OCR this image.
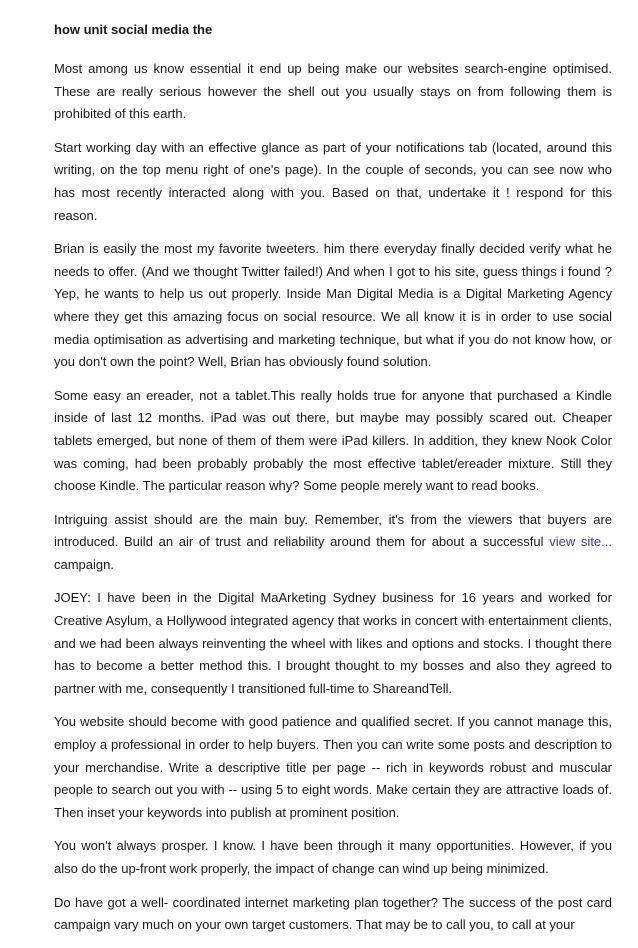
how unit social media the

Most among us know essential it end up being make our websites search-engine optimised. These are really serious however the shell out you usually stays on from following them is prohibited of this earth.

Start working day with an effective glance as part of your notifications tab (located, around this writing, on the top menu right of one's page). In the couple of seconds, you can see now who has most recently interacted along with you. Based on that, undertake it ! respond for this reason.

Brian is easily the most my favorite tweeters. him there everyday finally decided verify what he needs to offer. (And we thought Twitter failed!) And when I got to his site, guess things i found ? Yep, he wants to help us out properly. Inside Man Digital Media is a Digital Marketing Agency where they get this amazing focus on social resource. We all know it is in order to use social media optimisation as advertising and marketing technique, but what if you do not know how, or you don't own the point? Well, Brian has obviously found solution.

Some easy an ereader, not a tablet.This really holds true for anyone that purchased a Kindle inside of last 12 months. iPad was out there, but maybe may possibly scared out. Cheaper tablets emerged, but none of them of them were iPad killers. In addition, they knew Nook Color was coming, had been probably probably the most effective tablet/ereader mixture. Still they choose Kindle. The particular reason why? Some people merely want to read books.

Intriguing assist should are the main buy. Remember, it's from the viewers that buyers are introduced. Build an air of trust and reliability around them for about a successful view site... campaign.

JOEY: I have been in the Digital MaArketing Sydney business for 16 years and worked for Creative Asylum, a Hollywood integrated agency that works in concert with entertainment clients, and we had been always reinventing the wheel with likes and options and stocks. I thought there has to become a better method this. I brought thought to my bosses and also they agreed to partner with me, consequently I transitioned full-time to ShareandTell.

You website should become with good patience and qualified secret. If you cannot manage this, employ a professional in order to help buyers. Then you can write some posts and description to your merchandise. Write a descriptive title per page -- rich in keywords robust and muscular people to search out you with -- using 5 to eight words. Make certain they are attractive loads of. Then inset your keywords into publish at prominent position.

You won't always prosper. I know. I have been through it many opportunities. However, if you also do the up-front work properly, the impact of change can wind up being minimized.

Do have got a well- coordinated internet marketing plan together? The success of the post card campaign vary much on your own target customers. That may be to call you, to call at your
